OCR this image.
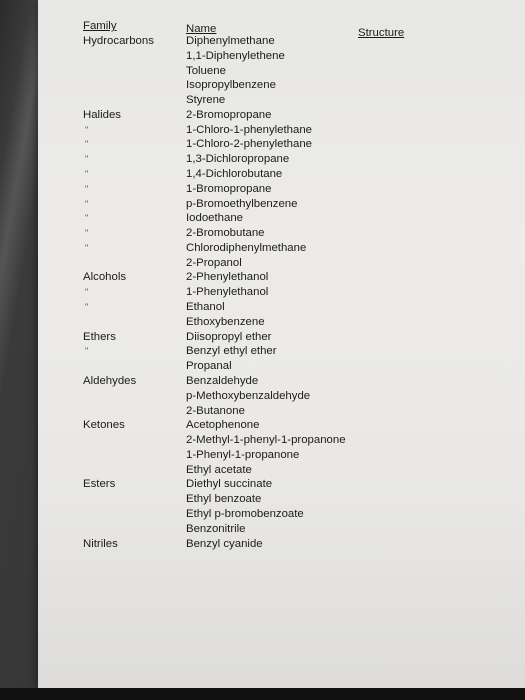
Family	Name	Structure
Hydrocarbons
Halides
Alcohols
Ethers
Aldehydes
Ketones
Esters
Nitriles
"
"
"
"
"
"
"
"
"
"
"
"
Diphenylmethane
1,1-Diphenylethene
Toluene
Isopropylbenzene
Styrene
2-Bromopropane
1-Chloro-1-phenylethane
1-Chloro-2-phenylethane
1,3-Dichloropropane
1,4-Dichlorobutane
1-Bromopropane
p-Bromoethylbenzene
Iodoethane
2-Bromobutane
Chlorodiphenylmethane
2-Propanol
2-Phenylethanol
1-Phenylethanol
Ethanol
Ethoxybenzene
Diisopropyl ether
Benzyl ethyl ether
Propanal
Benzaldehyde
p-Methoxybenzaldehyde
2-Butanone
Acetophenone
2-Methyl-1-phenyl-1-propanone
1-Phenyl-1-propanone
Ethyl acetate
Diethyl succinate
Ethyl benzoate
Ethyl p-bromobenzoate
Benzonitrile
Benzyl cyanide
